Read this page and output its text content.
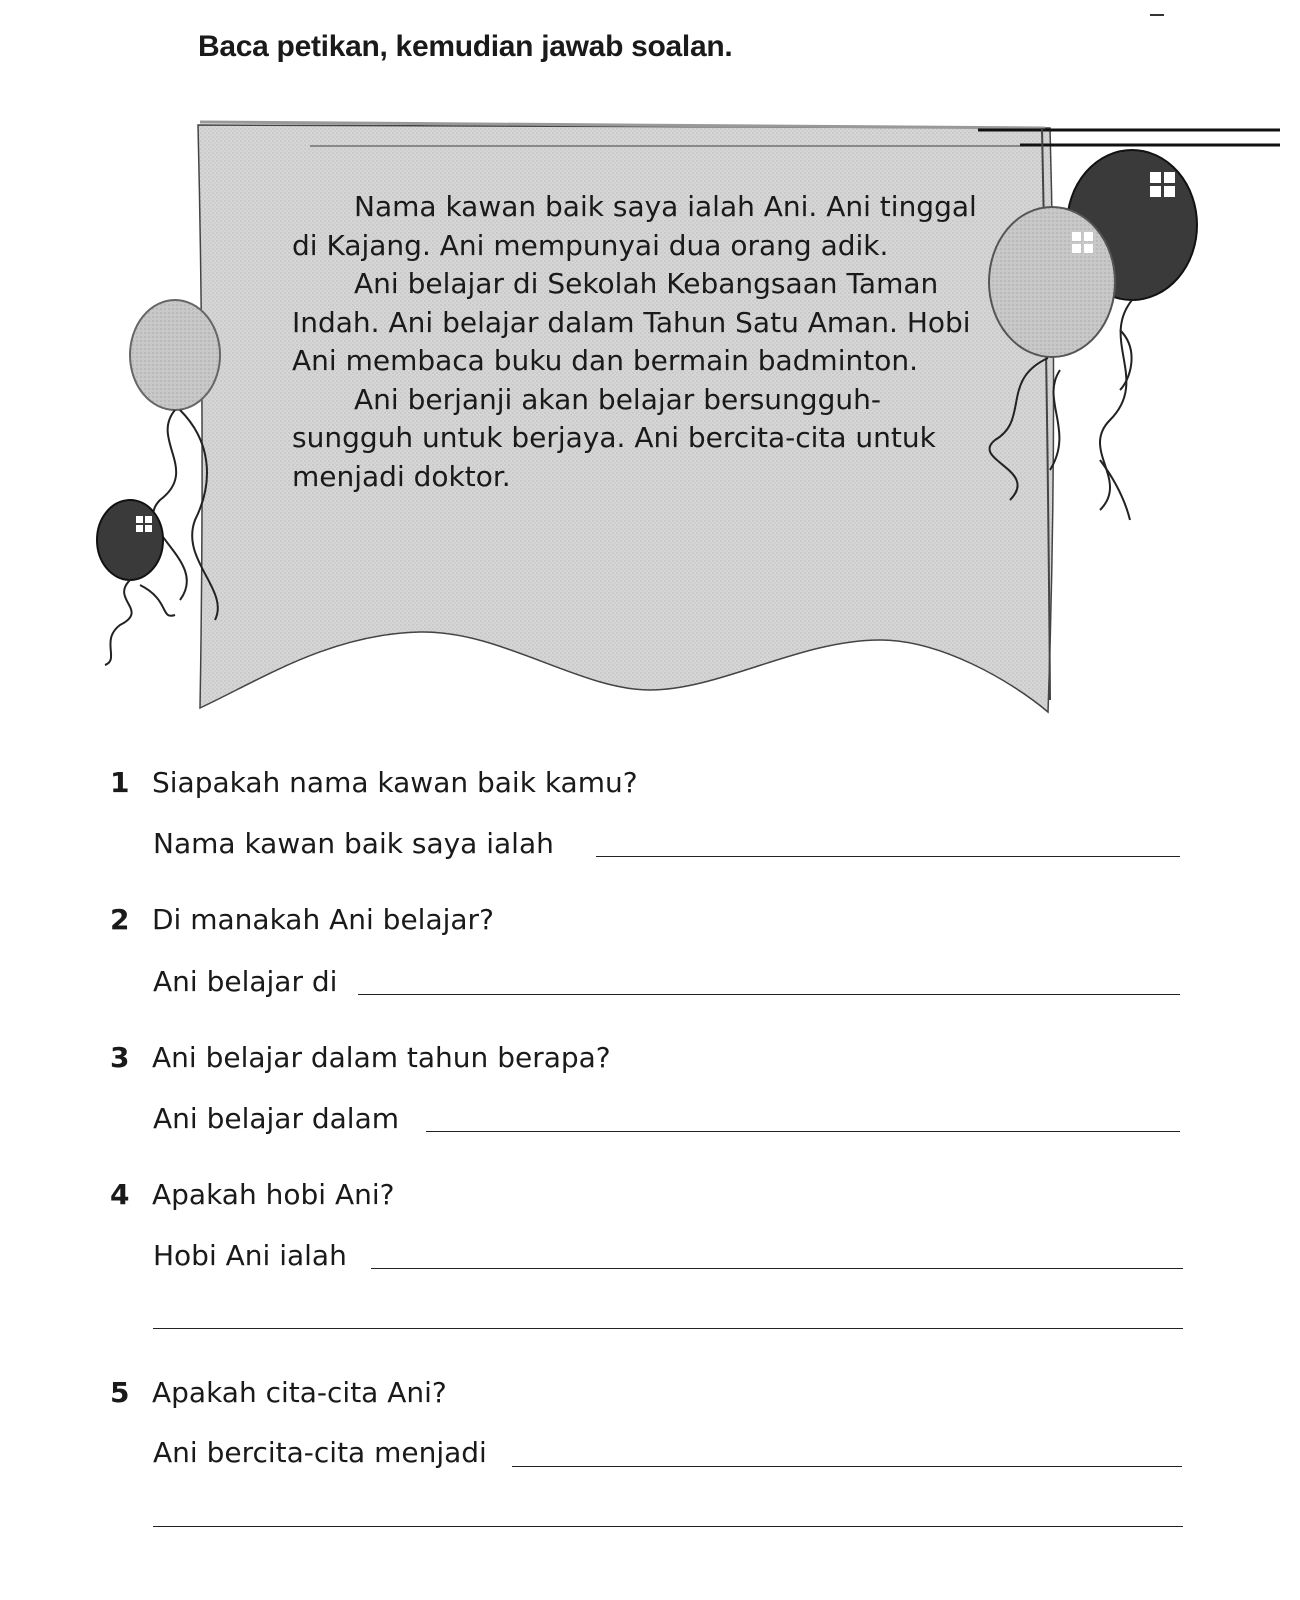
Baca petikan, kemudian jawab soalan.

Nama kawan baik saya ialah Ani. Ani tinggal di Kajang. Ani mempunyai dua orang adik.

Ani belajar di Sekolah Kebangsaan Taman Indah. Ani belajar dalam Tahun Satu Aman. Hobi Ani membaca buku dan bermain badminton.

Ani berjanji akan belajar bersungguh-sungguh untuk berjaya. Ani bercita-cita untuk menjadi doktor.

1 Siapakah nama kawan baik kamu?
Nama kawan baik saya ialah
2 Di manakah Ani belajar?
Ani belajar di
3 Ani belajar dalam tahun berapa?
Ani belajar dalam
4 Apakah hobi Ani?
Hobi Ani ialah
5 Apakah cita-cita Ani?
Ani bercita-cita menjadi
